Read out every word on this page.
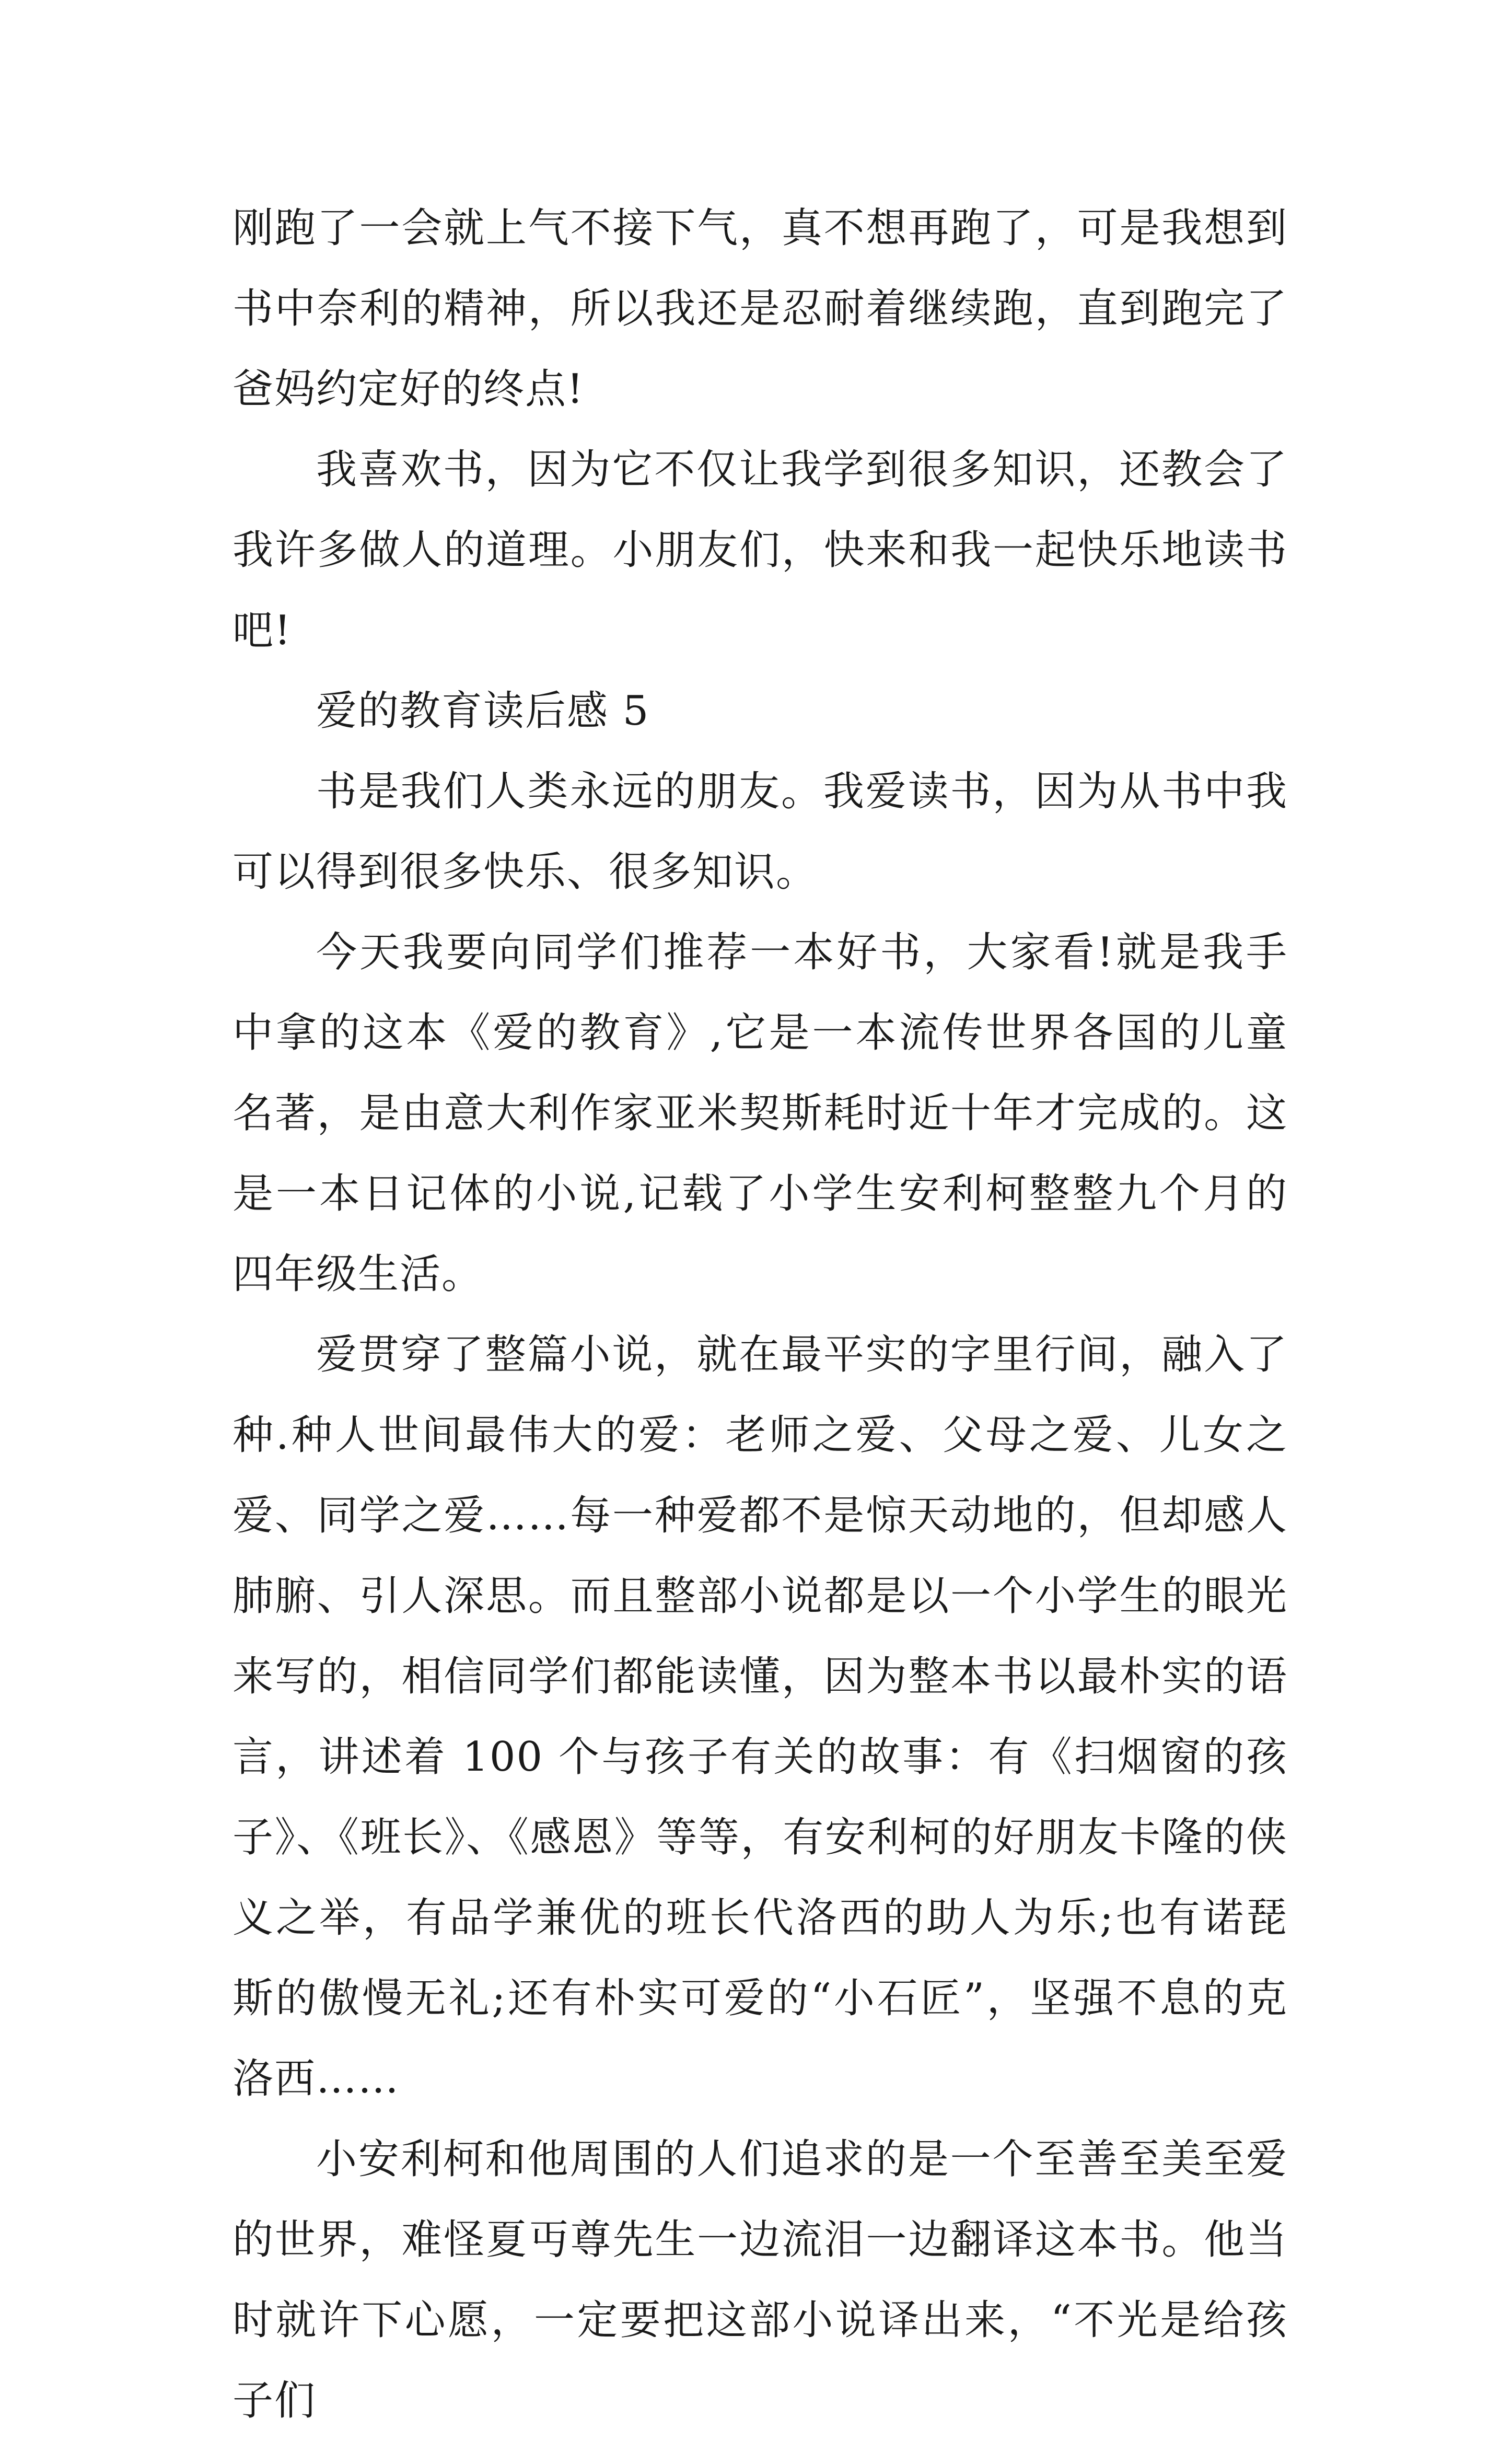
刚跑了一会就上气不接下气，真不想再跑了，可是我想到书中奈利的精神，所以我还是忍耐着继续跑，直到跑完了爸妈约定好的终点!

我喜欢书，因为它不仅让我学到很多知识，还教会了我许多做人的道理。小朋友们，快来和我一起快乐地读书吧!

爱的教育读后感 5

书是我们人类永远的朋友。我爱读书，因为从书中我可以得到很多快乐、很多知识。

今天我要向同学们推荐一本好书，大家看!就是我手中拿的这本《爱的教育》,它是一本流传世界各国的儿童名著，是由意大利作家亚米契斯耗时近十年才完成的。这是一本日记体的小说,记载了小学生安利柯整整九个月的四年级生活。

爱贯穿了整篇小说，就在最平实的字里行间，融入了种.种人世间最伟大的爱：老师之爱、父母之爱、儿女之爱、同学之爱……每一种爱都不是惊天动地的，但却感人肺腑、引人深思。而且整部小说都是以一个小学生的眼光来写的，相信同学们都能读懂，因为整本书以最朴实的语言，讲述着 100 个与孩子有关的故事：有《扫烟窗的孩子》、《班长》、《感恩》等等，有安利柯的好朋友卡隆的侠义之举，有品学兼优的班长代洛西的助人为乐;也有诺琵斯的傲慢无礼;还有朴实可爱的“小石匠”，坚强不息的克洛西……

小安利柯和他周围的人们追求的是一个至善至美至爱的世界，难怪夏丏尊先生一边流泪一边翻译这本书。他当时就许下心愿，一定要把这部小说译出来，“不光是给孩子们
